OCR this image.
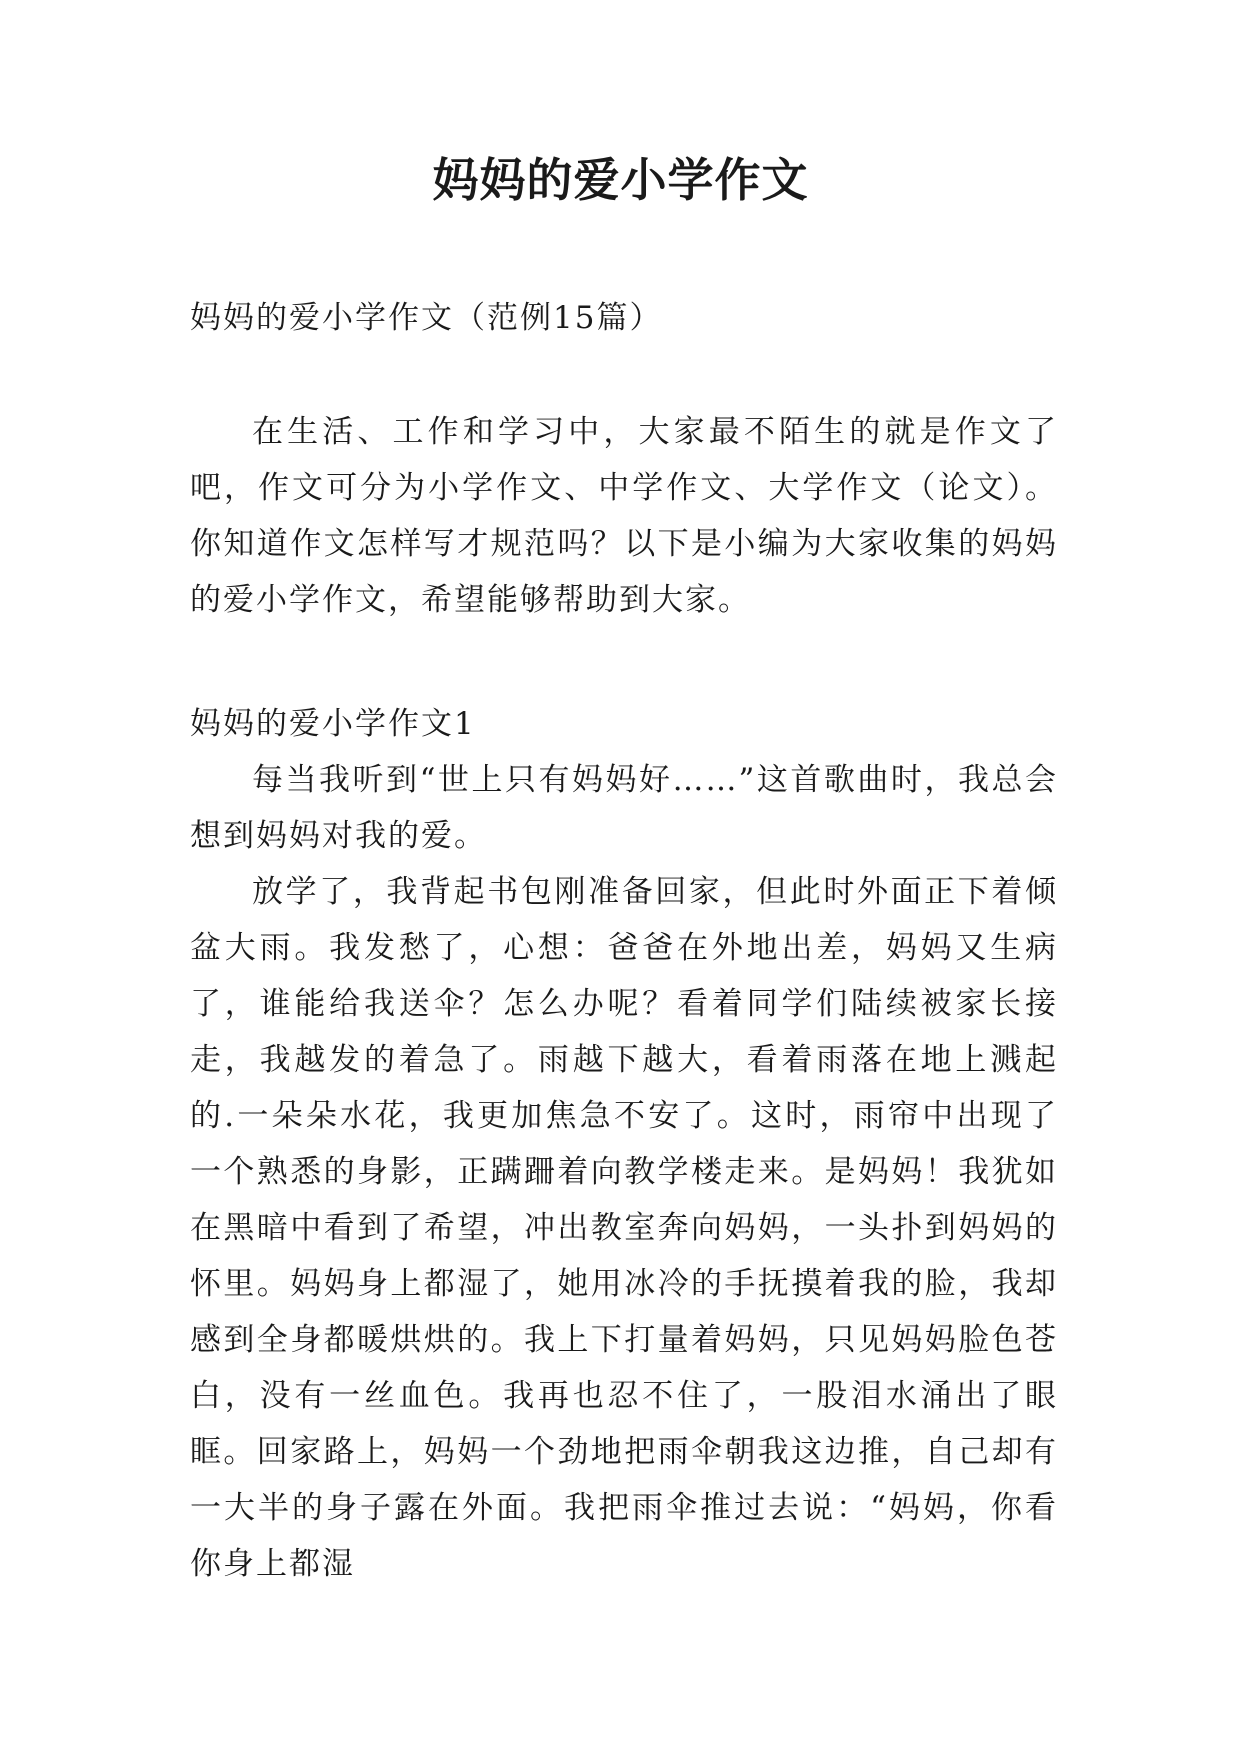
妈妈的爱小学作文
妈妈的爱小学作文（范例15篇）

在生活、工作和学习中，大家最不陌生的就是作文了吧，作文可分为小学作文、中学作文、大学作文（论文）。你知道作文怎样写才规范吗？以下是小编为大家收集的妈妈的爱小学作文，希望能够帮助到大家。

妈妈的爱小学作文1

每当我听到“世上只有妈妈好……”这首歌曲时，我总会想到妈妈对我的爱。

放学了，我背起书包刚准备回家，但此时外面正下着倾盆大雨。我发愁了，心想：爸爸在外地出差，妈妈又生病了，谁能给我送伞？怎么办呢？看着同学们陆续被家长接走，我越发的着急了。雨越下越大，看着雨落在地上溅起的.一朵朵水花，我更加焦急不安了。这时，雨帘中出现了一个熟悉的身影，正蹒跚着向教学楼走来。是妈妈！我犹如在黑暗中看到了希望，冲出教室奔向妈妈，一头扑到妈妈的怀里。妈妈身上都湿了，她用冰冷的手抚摸着我的脸，我却感到全身都暖烘烘的。我上下打量着妈妈，只见妈妈脸色苍白，没有一丝血色。我再也忍不住了，一股泪水涌出了眼眶。回家路上，妈妈一个劲地把雨伞朝我这边推，自己却有一大半的身子露在外面。我把雨伞推过去说：“妈妈，你看你身上都湿
